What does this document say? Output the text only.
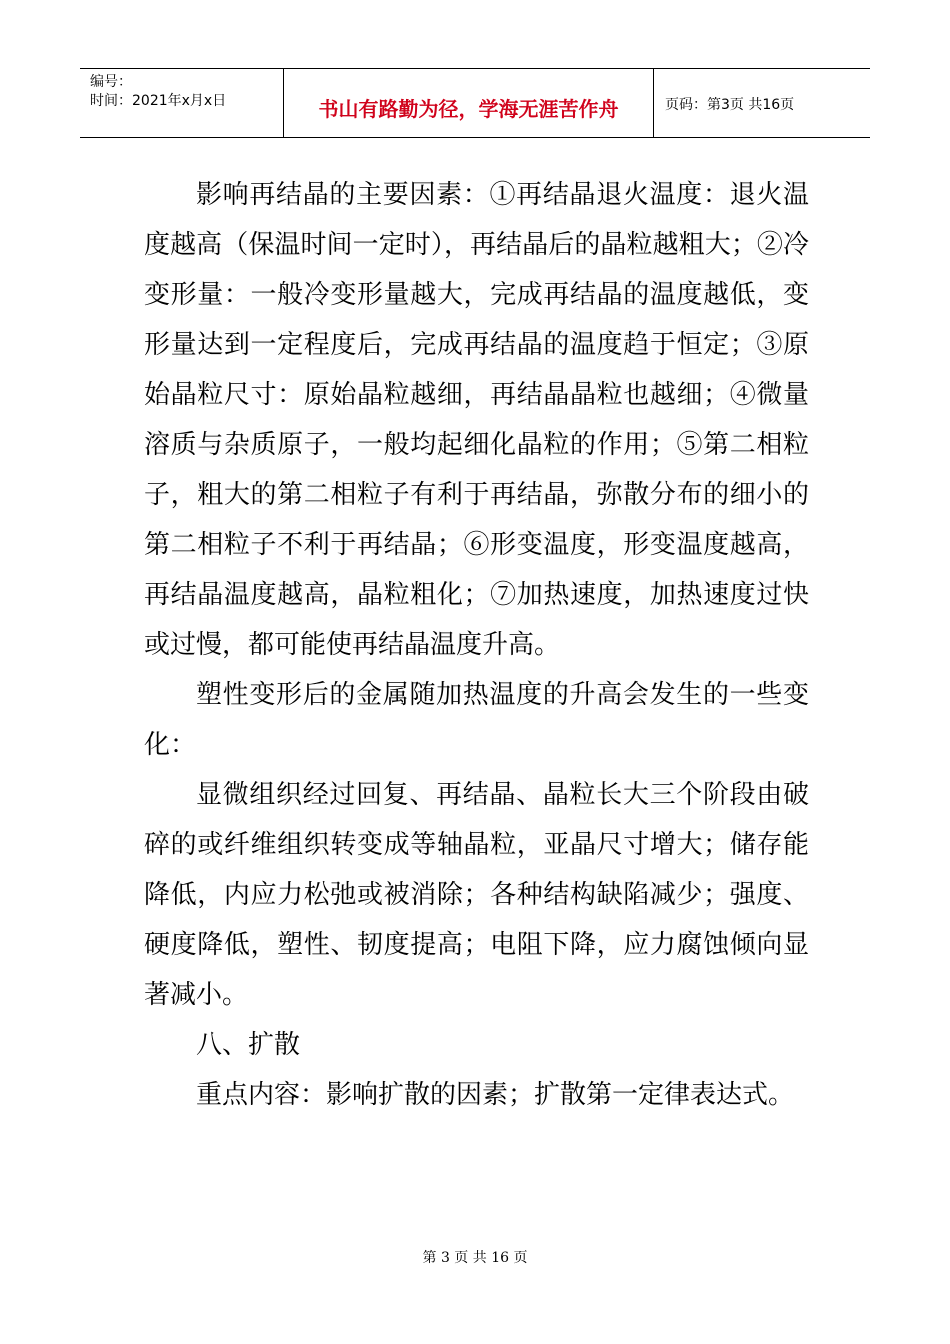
编号：
时间：2021年x月x日	书山有路勤为径，学海无涯苦作舟	页码：第3页 共16页

影响再结晶的主要因素：①再结晶退火温度：退火温度越高（保温时间一定时），再结晶后的晶粒越粗大；②冷变形量：一般冷变形量越大，完成再结晶的温度越低，变形量达到一定程度后，完成再结晶的温度趋于恒定；③原始晶粒尺寸：原始晶粒越细，再结晶晶粒也越细；④微量溶质与杂质原子，一般均起细化晶粒的作用；⑤第二相粒子，粗大的第二相粒子有利于再结晶，弥散分布的细小的第二相粒子不利于再结晶；⑥形变温度，形变温度越高，再结晶温度越高，晶粒粗化；⑦加热速度，加热速度过快或过慢，都可能使再结晶温度升高。

塑性变形后的金属随加热温度的升高会发生的一些变化：

显微组织经过回复、再结晶、晶粒长大三个阶段由破碎的或纤维组织转变成等轴晶粒，亚晶尺寸增大；储存能降低，内应力松弛或被消除；各种结构缺陷减少；强度、硬度降低，塑性、韧度提高；电阻下降，应力腐蚀倾向显著减小。

八、扩散

重点内容：影响扩散的因素；扩散第一定律表达式。

第 3 页 共 16 页
